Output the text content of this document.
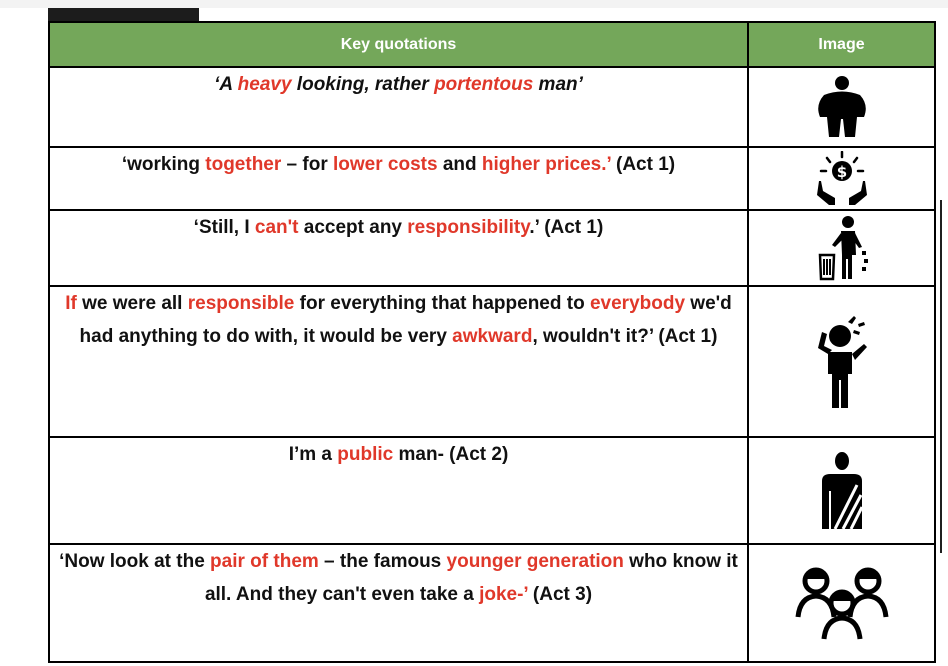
Key quotations	Image
‘A heavy looking, rather portentous man’	

‘working together – for lower costs and higher prices.’ (Act 1)	$

‘Still, I can't accept any responsibility.’ (Act 1)	

If we were all responsible for everything that happened to everybody we'd had anything to do with, it would be very awkward, wouldn't it?’ (Act 1)	

I’m a public man- (Act 2)	

‘Now look at the pair of them – the famous younger generation who know it all. And they can't even take a joke-’ (Act 3)	
